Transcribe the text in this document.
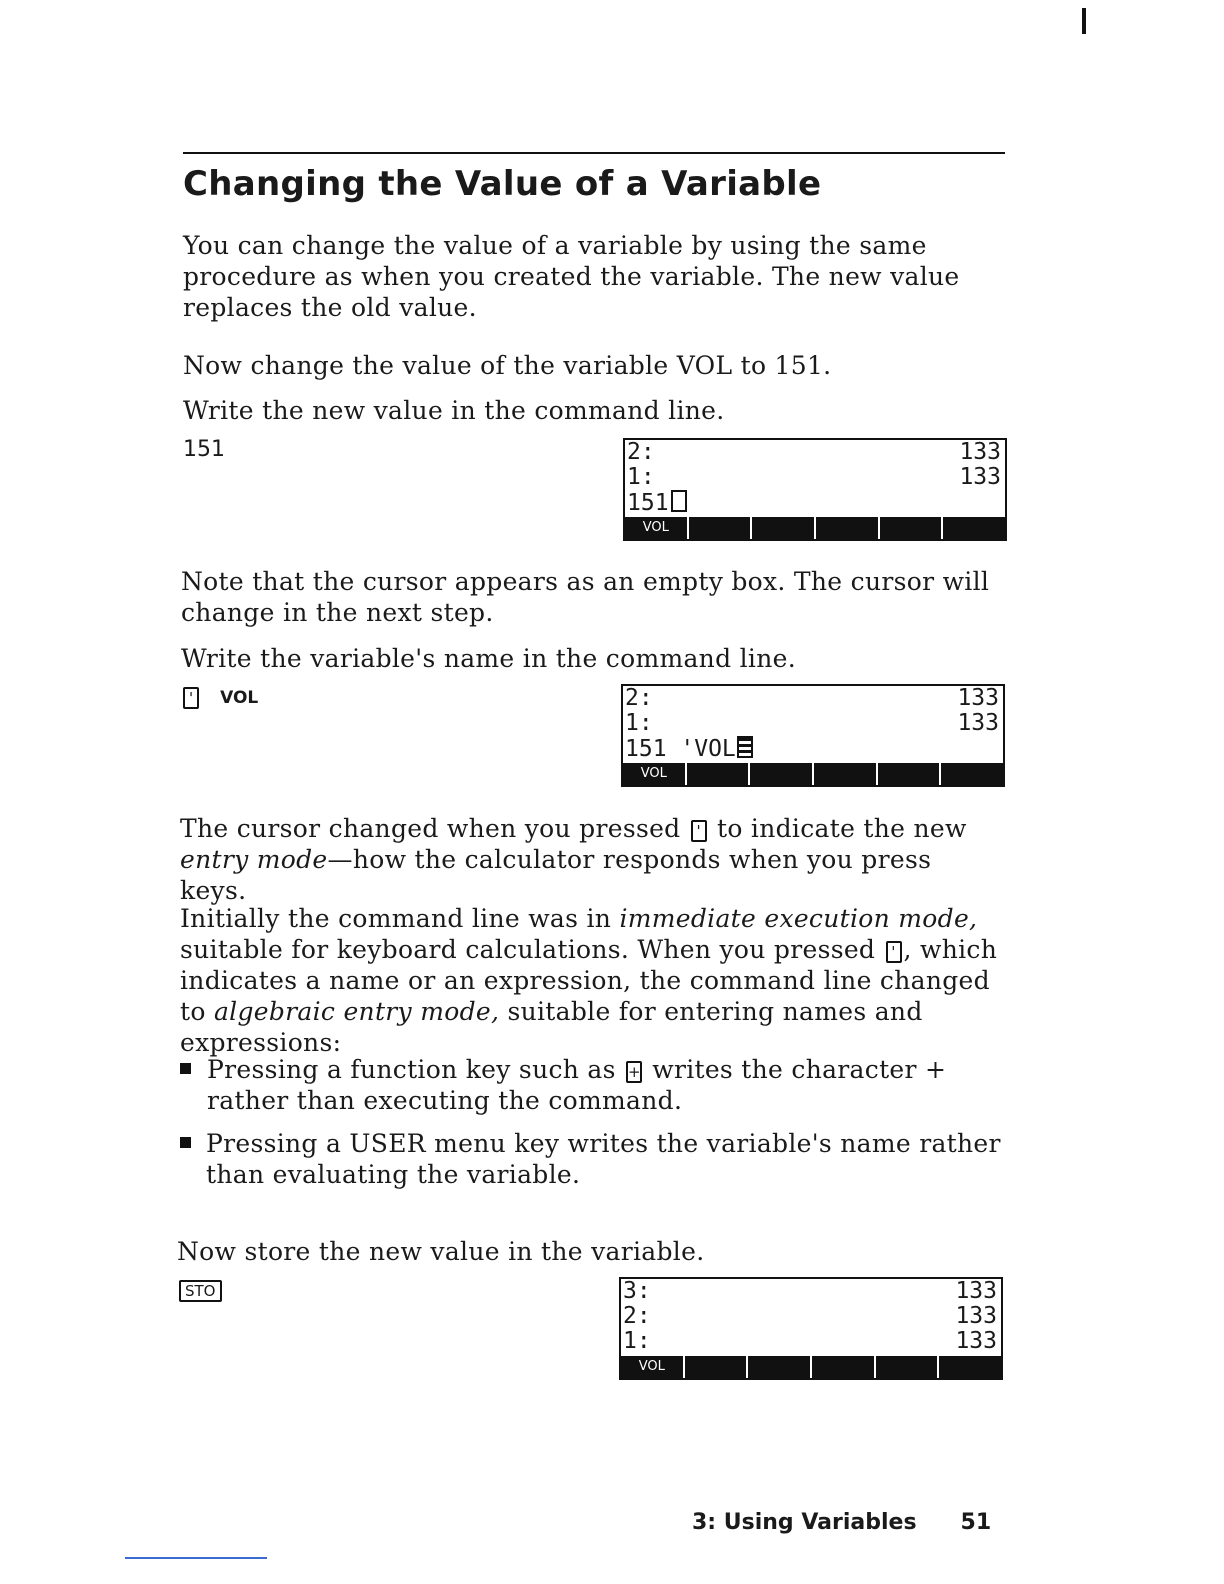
Changing the Value of a Variable
You can change the value of a variable by using the same procedure as when you created the variable. The new value replaces the old value.
Now change the value of the variable VOL to 151.
Write the new value in the command line.
151	2:	133
1:	133
151
VOL
Note that the cursor appears as an empty box. The cursor will change in the next step.
Write the variable's name in the command line.
' VOL	2:	133
1:	133
151 'VOL
VOL
The cursor changed when you pressed ' to indicate the new entry mode—how the calculator responds when you press keys.
Initially the command line was in immediate execution mode, suitable for keyboard calculations. When you pressed ' , which indicates a name or an expression, the command line changed to algebraic entry mode, suitable for entering names and expressions:
Pressing a function key such as + writes the character + rather than executing the command.
Pressing a USER menu key writes the variable's name rather than evaluating the variable.
Now store the new value in the variable.
STO	3:	133
2:	133
1:	133
VOL
3: Using Variables 51
